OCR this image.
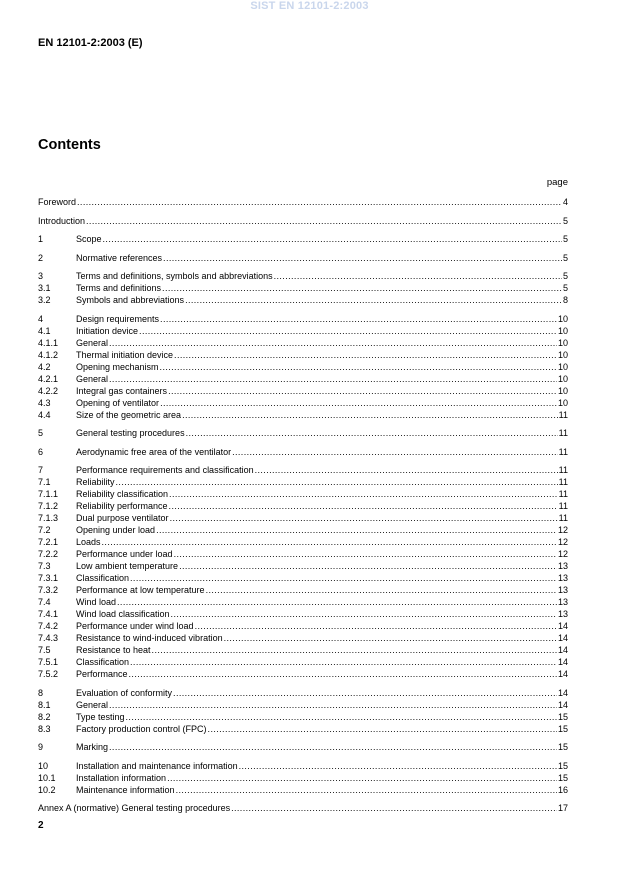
SIST EN 12101-2:2003
EN 12101-2:2003 (E)
Contents
page
Foreword .....	4
Introduction .....	5
1	Scope .....	5
2	Normative references .....	5
3	Terms and definitions, symbols and abbreviations .....	5
3.1	Terms and definitions .....	5
3.2	Symbols and abbreviations .....	8
4	Design requirements .....	10
4.1	Initiation device .....	10
4.1.1	General .....	10
4.1.2	Thermal initiation device .....	10
4.2	Opening mechanism .....	10
4.2.1	General .....	10
4.2.2	Integral gas containers .....	10
4.3	Opening of ventilator .....	10
4.4	Size of the geometric area .....	11
5	General testing procedures .....	11
6	Aerodynamic free area of the ventilator .....	11
7	Performance requirements and classification .....	11
7.1	Reliability .....	11
7.1.1	Reliability classification .....	11
7.1.2	Reliability performance .....	11
7.1.3	Dual purpose ventilator .....	11
7.2	Opening under load .....	12
7.2.1	Loads .....	12
7.2.2	Performance under load .....	12
7.3	Low ambient temperature .....	13
7.3.1	Classification .....	13
7.3.2	Performance at low temperature .....	13
7.4	Wind load .....	13
7.4.1	Wind load classification .....	13
7.4.2	Performance under wind load .....	14
7.4.3	Resistance to wind-induced vibration .....	14
7.5	Resistance to heat .....	14
7.5.1	Classification .....	14
7.5.2	Performance .....	14
8	Evaluation of conformity .....	14
8.1	General .....	14
8.2	Type testing .....	15
8.3	Factory production control (FPC) .....	15
9	Marking .....	15
10	Installation and maintenance information .....	15
10.1	Installation information .....	15
10.2	Maintenance information .....	16
Annex A (normative) General testing procedures .....	17
2
